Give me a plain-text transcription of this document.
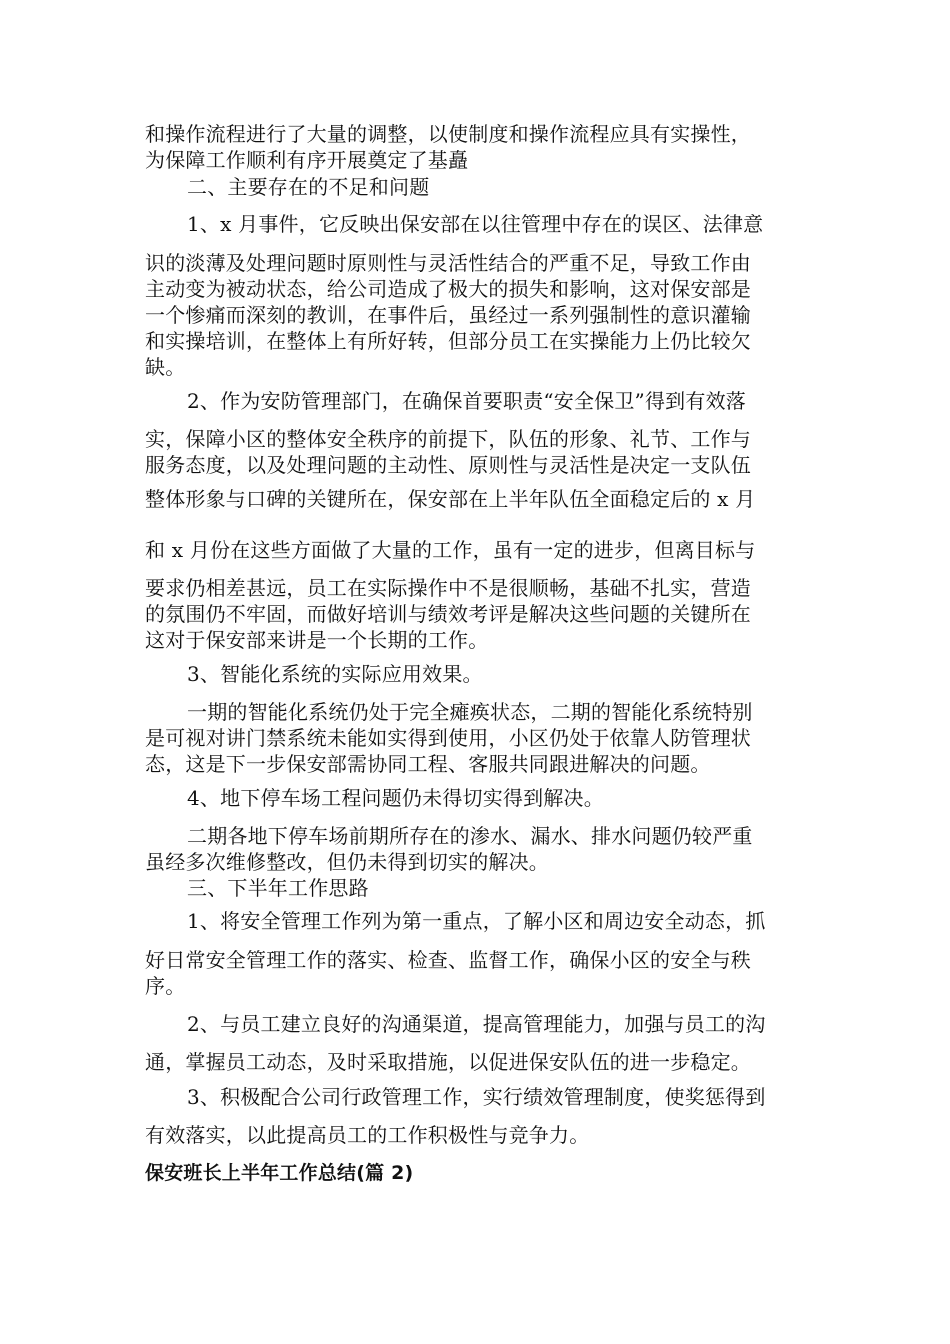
和操作流程进行了大量的调整，以使制度和操作流程应具有实操性，
为保障工作顺利有序开展奠定了基矗
二、主要存在的不足和问题
1、x 月事件，它反映出保安部在以往管理中存在的误区、法律意
识的淡薄及处理问题时原则性与灵活性结合的严重不足，导致工作由
主动变为被动状态，给公司造成了极大的损失和影响，这对保安部是
一个惨痛而深刻的教训，在事件后，虽经过一系列强制性的意识灌输
和实操培训，在整体上有所好转，但部分员工在实操能力上仍比较欠
缺。
2、作为安防管理部门，在确保首要职责“安全保卫”得到有效落
实，保障小区的整体安全秩序的前提下，队伍的形象、礼节、工作与
服务态度，以及处理问题的主动性、原则性与灵活性是决定一支队伍
整体形象与口碑的关键所在，保安部在上半年队伍全面稳定后的 x 月
和 x 月份在这些方面做了大量的工作，虽有一定的进步，但离目标与
要求仍相差甚远，员工在实际操作中不是很顺畅，基础不扎实，营造
的氛围仍不牢固，而做好培训与绩效考评是解决这些问题的关键所在
这对于保安部来讲是一个长期的工作。
3、智能化系统的实际应用效果。
一期的智能化系统仍处于完全瘫痪状态，二期的智能化系统特别
是可视对讲门禁系统未能如实得到使用，小区仍处于依靠人防管理状
态，这是下一步保安部需协同工程、客服共同跟进解决的问题。
4、地下停车场工程问题仍未得切实得到解决。
二期各地下停车场前期所存在的渗水、漏水、排水问题仍较严重
虽经多次维修整改，但仍未得到切实的解决。
三、下半年工作思路
1、将安全管理工作列为第一重点，了解小区和周边安全动态，抓
好日常安全管理工作的落实、检查、监督工作，确保小区的安全与秩
序。
2、与员工建立良好的沟通渠道，提高管理能力，加强与员工的沟
通，掌握员工动态，及时采取措施，以促进保安队伍的进一步稳定。
3、积极配合公司行政管理工作，实行绩效管理制度，使奖惩得到
有效落实，以此提高员工的工作积极性与竞争力。
保安班长上半年工作总结(篇 2)
